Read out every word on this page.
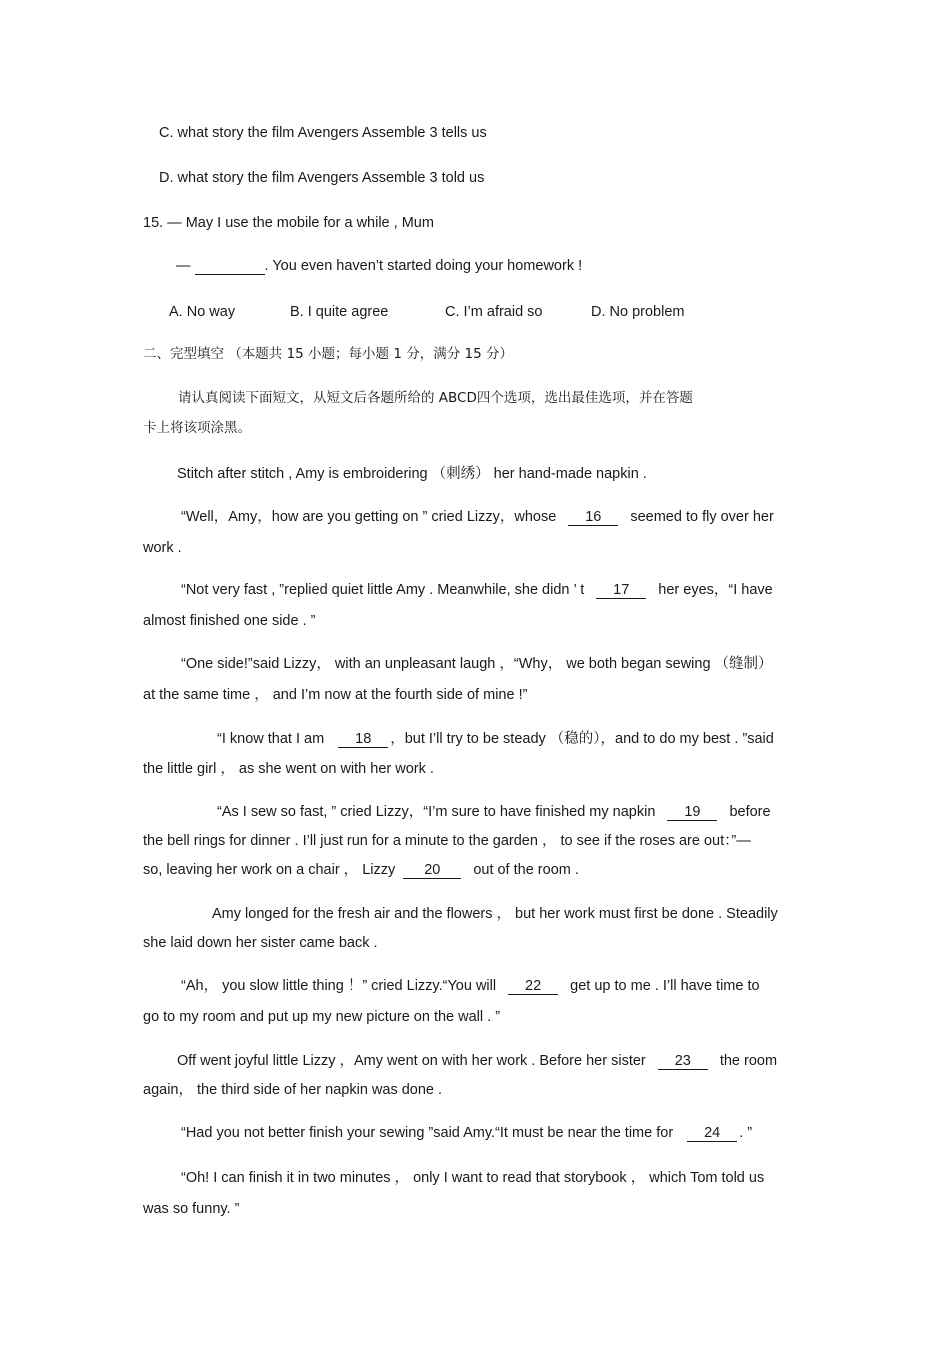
C. what story the film Avengers Assemble 3 tells us
D. what story the film Avengers Assemble 3 told us
15. — May I use the mobile for a while , Mum
—	. You even haven’t started doing your homework !
A. No way	B. I quite agree	C. I’m afraid so	D. No problem
二、完型填空 （本题共 15 小题；每小题 1 分，满分 15 分）
请认真阅读下面短文，从短文后各题所给的 ABCD四个选项，选出最佳选项，并在答题
卡上将该项涂黑。
Stitch after stitch , Amy is embroidering （刺绣） her hand-made napkin .
“Well，Amy，how are you getting on ” cried Lizzy，whose 16 seemed to fly over her
work .
“Not very fast , ”replied quiet little Amy . Meanwhile, she didn ’ t 17 her eyes，“I have
almost finished one side . ”
“One side!”said Lizzy， with an unpleasant laugh ，“Why， we both began sewing （缝制）
at the same time ， and I’m now at the fourth side of mine !”
“I know that I am 18 ，but I’ll try to be steady （稳的），and to do my best . ”said
the little girl ， as she went on with her work .
“As I sew so fast, ” cried Lizzy，“I’m sure to have finished my napkin 19 before
the bell rings for dinner . I’ll just run for a minute to the garden ， to see if the roses are out：”—
so, leaving her work on a chair ， Lizzy 20 out of the room .
Amy longed for the fresh air and the flowers ， but her work must first be done . Steadily
she laid down her sister came back .
“Ah， you slow little thing ！” cried Lizzy.“You will 22 get up to me . I’ll have time to
go to my room and put up my new picture on the wall . ”
Off went joyful little Lizzy ，Amy went on with her work . Before her sister 23 the room
again， the third side of her napkin was done .
“Had you not better finish your sewing ”said Amy.“It must be near the time for 24 . ”
“Oh! I can finish it in two minutes ， only I want to read that storybook ， which Tom told us
was so funny. ”
